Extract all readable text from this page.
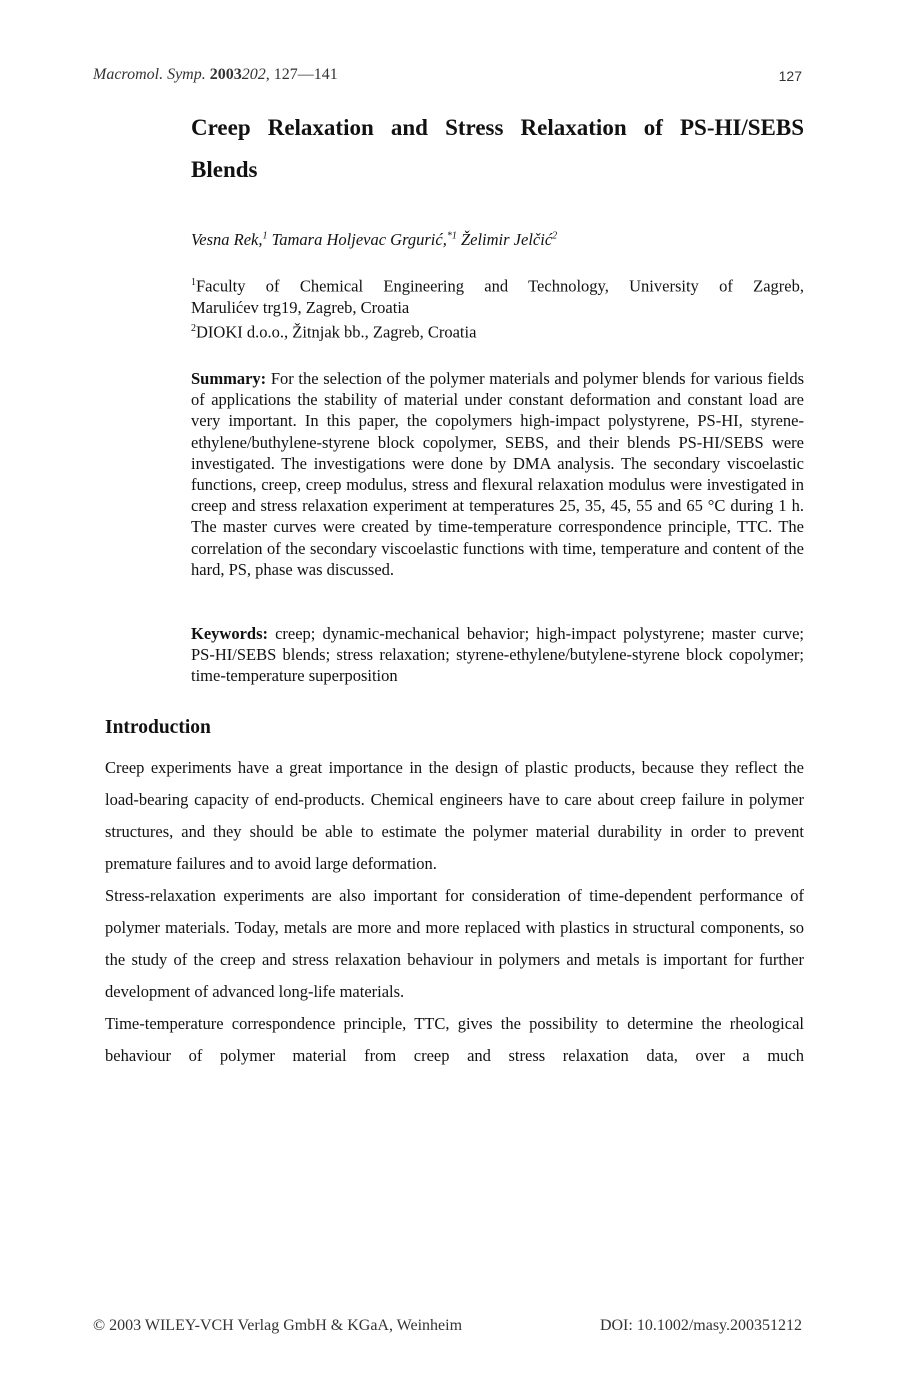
Macromol. Symp. 2003202, 127—141	127
Creep Relaxation and Stress Relaxation of PS-HI/SEBS Blends
Vesna Rek,$^1$ Tamara Holjevac Grgurić,$^{*1}$ Želimir Jelčić$^2$
$^1$Faculty of Chemical Engineering and Technology, University of Zagreb,
Marulićev trg19, Zagreb, Croatia
$^2$DIOKI d.o.o., Žitnjak bb., Zagreb, Croatia

Summary: For the selection of the polymer materials and polymer blends for various fields of applications the stability of material under constant deformation and constant load are very important. In this paper, the copolymers high-impact polystyrene, PS-HI, styrene-ethylene/buthylene-styrene block copolymer, SEBS, and their blends PS-HI/SEBS were investigated. The investigations were done by DMA analysis. The secondary viscoelastic functions, creep, creep modulus, stress and flexural relaxation modulus were investigated in creep and stress relaxation experiment at temperatures 25, 35, 45, 55 and 65 °C during 1 h. The master curves were created by time-temperature correspondence principle, TTC. The correlation of the secondary viscoelastic functions with time, temperature and content of the hard, PS, phase was discussed.

Keywords: creep; dynamic-mechanical behavior; high-impact polystyrene; master curve; PS-HI/SEBS blends; stress relaxation; styrene-ethylene/butylene-styrene block copolymer; time-temperature superposition

Introduction

Creep experiments have a great importance in the design of plastic products, because they reflect the load-bearing capacity of end-products. Chemical engineers have to care about creep failure in polymer structures, and they should be able to estimate the polymer material durability in order to prevent premature failures and to avoid large deformation.

Stress-relaxation experiments are also important for consideration of time-dependent performance of polymer materials. Today, metals are more and more replaced with plastics in structural components, so the study of the creep and stress relaxation behaviour in polymers and metals is important for further development of advanced long-life materials.

Time-temperature correspondence principle, TTC, gives the possibility to determine the rheological behaviour of polymer material from creep and stress relaxation data, over a much

© 2003 WILEY-VCH Verlag GmbH & KGaA, Weinheim	DOI: 10.1002/masy.200351212
